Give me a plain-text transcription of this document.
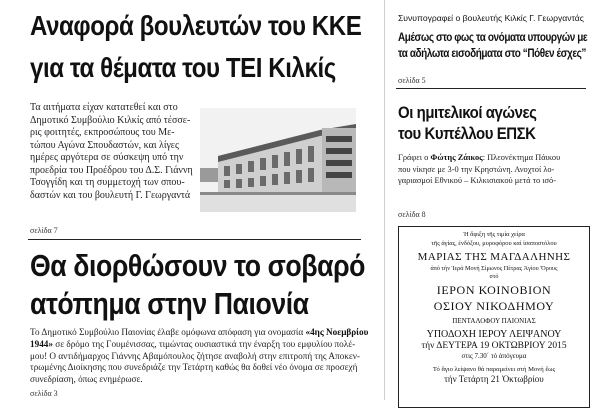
Αναφορά βουλευτών του ΚΚΕ
για τα θέματα του ΤΕΙ Κιλκίς
Τα αιτήματα είχαν κατατεθεί και στο
Δημοτικό Συμβούλιο Κιλκίς από τέσσε-
ρις φοιτητές, εκπροσώπους του Με-
τώπου Αγώνα Σπουδαστών, και λίγες
ημέρες αργότερα σε σύσκεψη υπό την
προεδρία του Προέδρου του Δ.Σ. Γιάννη
Τσογγίδη και τη συμμετοχή των σπου-
δαστών και του βουλευτή Γ. Γεωργαντά
σελίδα 7
Θα διορθώσουν το σοβαρό
ατόπημα στην Παιονία
Το Δημοτικό Συμβούλιο Παιονίας έλαβε ομόφωνα απόφαση για ονομασία «4ης Νοεμβρίου
1944» σε δρόμο της Γουμένισσας, τιμώντας ουσιαστικά την έναρξη του εμφυλίου πολέ-
μου! Ο αντιδήμαρχος Γιάννης Αβαμόπουλος ζήτησε αναβολή στην επιτροπή της Αποκεν-
τρωμένης Διοίκησης που συνεδριάζε την Τετάρτη καθώς θα δοθεί νέο όνομα σε προσεχή
συνεδρίαση, όπως ενημέρωσε.
σελίδα 3
Συνυπογραφεί ο βουλευτής Κιλκίς Γ. Γεωργαντάς
Αμέσως στο φως τα ονόματα υπουργών με
τα αδήλωτα εισοδήματα στο “Πόθεν έσχες”
σελίδα 5
Οι ημιτελικοί αγώνες
του Κυπέλλου ΕΠΣΚ
Γράφει ο Φώτης Ζάικος: Πλεονέκτημα Πάικου
που νίκησε με 3-0 την Κρηστώνη. Ανοχτοί λο-
γαριασμοί Εθνικού – Κιλκισιακού μετά το ισό-
σελίδα 8
Ἡ ἄφιξη τῆς τιμία χείρα
τῆς ἁγίας, ἐνδόξου, μυροφόρου καί ἰσαποστόλου
ΜΑΡΙΑΣ ΤΗΣ ΜΑΓΔΑΛΗΝΗΣ
ἀπό τήν Ἱερά Μονή Σίμωνος Πέτρας Ἁγίου Ὄρους
στό
ΙΕΡΟΝ ΚΟΙΝΟΒΙΟΝ
ΟΣΙΟΥ ΝΙΚΟΔΗΜΟΥ
ΠΕΝΤΑΛΟΦΟΥ ΠΑΙΟΝΙΑΣ
ΥΠΟΔΟΧΗ ΙΕΡΟΥ ΛΕΙΨΑΝΟΥ
τήν ΔΕΥΤΕΡΑ 19 ΟΚΤΩΒΡΙΟΥ 2015
στις 7.30΄ τό ἀπόγευμα
Τό ἅγιο λείψανο θά παραμείνει στή Μονή ἕως
τήν Τετάρτη 21 Ὀκτωβρίου
